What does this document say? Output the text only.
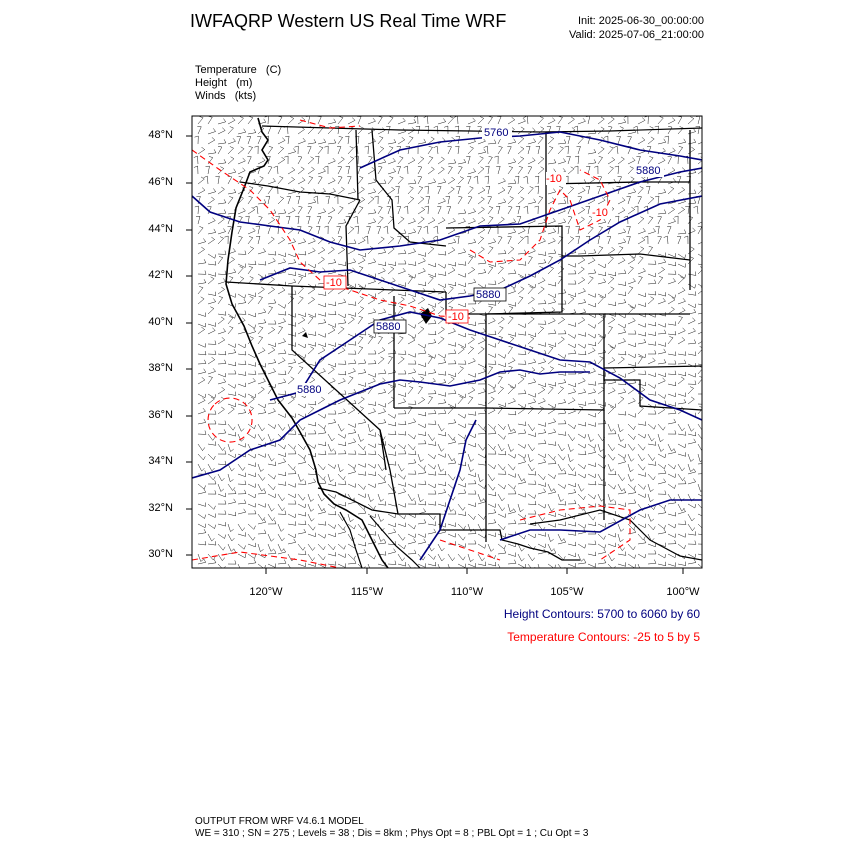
IWFAQRP Western US Real Time WRF	Init: 2025-06-30_00:00:00
Valid: 2025-07-06_21:00:00
Temperature   (C)
Height   (m)
Winds   (kts)
5760
5880
5880
5880
5880
-10
-10
-10
-10
48°N
46°N
44°N
42°N
40°N
38°N
36°N
34°N
32°N
30°N
120°W	115°W	110°W	105°W	100°W
Height Contours: 5700 to 6060 by 60
Temperature Contours: -25 to 5 by 5
OUTPUT FROM WRF V4.6.1 MODEL
WE = 310 ; SN = 275 ; Levels = 38 ; Dis = 8km ; Phys Opt = 8 ; PBL Opt = 1 ; Cu Opt = 3
